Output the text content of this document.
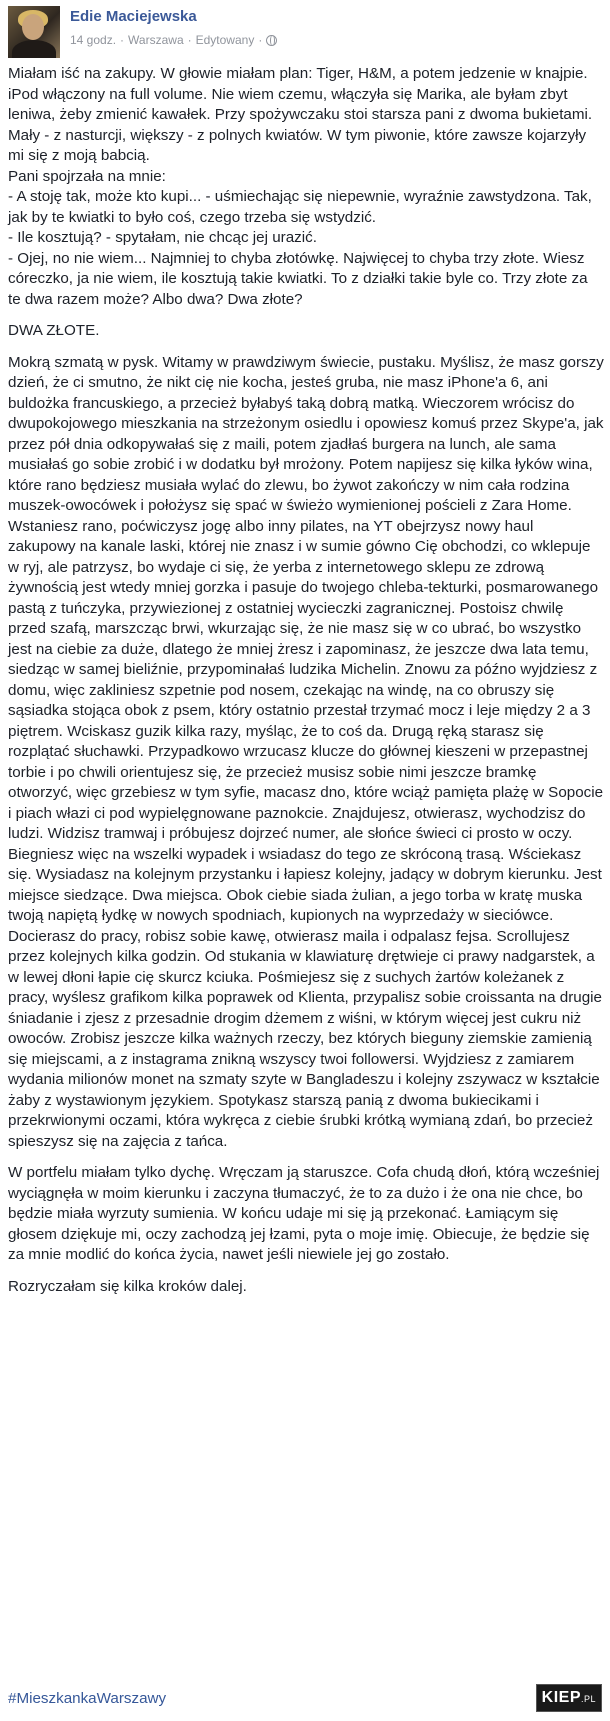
Edie Maciejewska
14 godz. · Warszawa · Edytowany ·

Miałam iść na zakupy. W głowie miałam plan: Tiger, H&M, a potem jedzenie w knajpie. iPod włączony na full volume. Nie wiem czemu, włączyła się Marika, ale byłam zbyt leniwa, żeby zmienić kawałek. Przy spożywczaku stoi starsza pani z dwoma bukietami. Mały - z nasturcji, większy - z polnych kwiatów. W tym piwonie, które zawsze kojarzyły mi się z moją babcią.
Pani spojrzała na mnie:
- A stoję tak, może kto kupi... - uśmiechając się niepewnie, wyraźnie zawstydzona. Tak, jak by te kwiatki to było coś, czego trzeba się wstydzić.
- Ile kosztują? - spytałam, nie chcąc jej urazić.
- Ojej, no nie wiem... Najmniej to chyba złotówkę. Najwięcej to chyba trzy złote. Wiesz córeczko, ja nie wiem, ile kosztują takie kwiatki. To z działki takie byle co. Trzy złote za te dwa razem może? Albo dwa? Dwa złote?

DWA ZŁOTE.

Mokrą szmatą w pysk. Witamy w prawdziwym świecie, pustaku. Myślisz, że masz gorszy dzień, że ci smutno, że nikt cię nie kocha, jesteś gruba, nie masz iPhone'a 6, ani buldożka francuskiego, a przecież byłabyś taką dobrą matką. Wieczorem wrócisz do dwupokojowego mieszkania na strzeżonym osiedlu i opowiesz komuś przez Skype'a, jak przez pół dnia odkopywałaś się z maili, potem zjadłaś burgera na lunch, ale sama musiałaś go sobie zrobić i w dodatku był mrożony. Potem napijesz się kilka łyków wina, które rano będziesz musiała wylać do zlewu, bo żywot zakończy w nim cała rodzina muszek-owocówek i położysz się spać w świeżo wymienionej pościeli z Zara Home. Wstaniesz rano, poćwiczysz jogę albo inny pilates, na YT obejrzysz nowy haul zakupowy na kanale laski, której nie znasz i w sumie gówno Cię obchodzi, co wklepuje w ryj, ale patrzysz, bo wydaje ci się, że yerba z internetowego sklepu ze zdrową żywnością jest wtedy mniej gorzka i pasuje do twojego chleba-tekturki, posmarowanego pastą z tuńczyka, przywiezionej z ostatniej wycieczki zagranicznej. Postoisz chwilę przed szafą, marszcząc brwi, wkurzając się, że nie masz się w co ubrać, bo wszystko jest na ciebie za duże, dlatego że mniej żresz i zapominasz, że jeszcze dwa lata temu, siedząc w samej bieliźnie, przypominałaś ludzika Michelin. Znowu za późno wyjdziesz z domu, więc zakliniesz szpetnie pod nosem, czekając na windę, na co obruszy się sąsiadka stojąca obok z psem, który ostatnio przestał trzymać mocz i leje między 2 a 3 piętrem. Wciskasz guzik kilka razy, myśląc, że to coś da. Drugą ręką starasz się rozplątać słuchawki. Przypadkowo wrzucasz klucze do głównej kieszeni w przepastnej torbie i po chwili orientujesz się, że przecież musisz sobie nimi jeszcze bramkę otworzyć, więc grzebiesz w tym syfie, macasz dno, które wciąż pamięta plażę w Sopocie i piach włazi ci pod wypielęgnowane paznokcie. Znajdujesz, otwierasz, wychodzisz do ludzi. Widzisz tramwaj i próbujesz dojrzeć numer, ale słońce świeci ci prosto w oczy. Biegniesz więc na wszelki wypadek i wsiadasz do tego ze skróconą trasą. Wściekasz się. Wysiadasz na kolejnym przystanku i łapiesz kolejny, jadący w dobrym kierunku. Jest miejsce siedzące. Dwa miejsca. Obok ciebie siada żulian, a jego torba w kratę muska twoją napiętą łydkę w nowych spodniach, kupionych na wyprzedaży w sieciówce. Docierasz do pracy, robisz sobie kawę, otwierasz maila i odpalasz fejsa. Scrollujesz przez kolejnych kilka godzin. Od stukania w klawiaturę drętwieje ci prawy nadgarstek, a w lewej dłoni łapie cię skurcz kciuka. Pośmiejesz się z suchych żartów koleżanek z pracy, wyślesz grafikom kilka poprawek od Klienta, przypalisz sobie croissanta na drugie śniadanie i zjesz z przesadnie drogim dżemem z wiśni, w którym więcej jest cukru niż owoców. Zrobisz jeszcze kilka ważnych rzeczy, bez których bieguny ziemskie zamienią się miejscami, a z instagrama znikną wszyscy twoi followersi. Wyjdziesz z zamiarem wydania milionów monet na szmaty szyte w Bangladeszu i kolejny zszywacz w kształcie żaby z wystawionym językiem. Spotykasz starszą panią z dwoma bukiecikami i przekrwionymi oczami, która wykręca z ciebie śrubki krótką wymianą zdań, bo przecież spieszysz się na zajęcia z tańca.

W portfelu miałam tylko dychę. Wręczam ją staruszce. Cofa chudą dłoń, którą wcześniej wyciągnęła w moim kierunku i zaczyna tłumaczyć, że to za dużo i że ona nie chce, bo będzie miała wyrzuty sumienia. W końcu udaje mi się ją przekonać. Łamiącym się głosem dziękuje mi, oczy zachodzą jej łzami, pyta o moje imię. Obiecuje, że będzie się za mnie modlić do końca życia, nawet jeśli niewiele jej go zostało.

Rozryczałam się kilka kroków dalej.

#MieszkankaWarszawy	KIEP.PL
